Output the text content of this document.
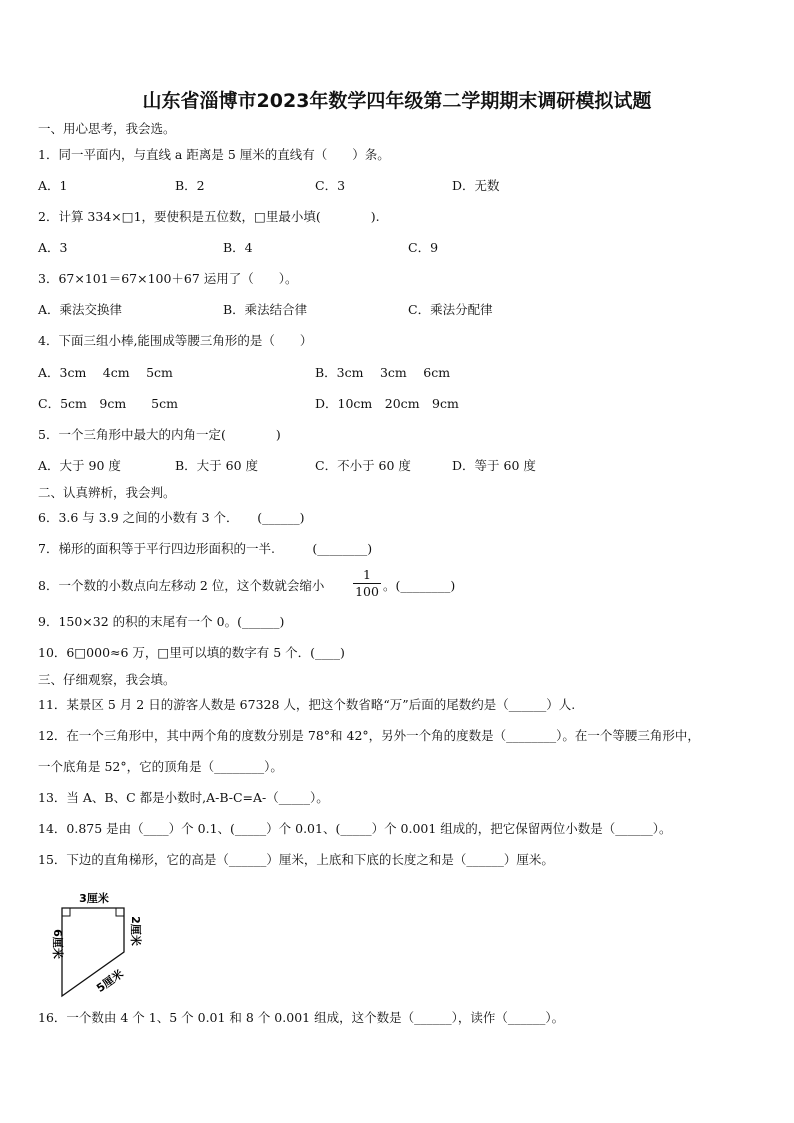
山东省淄博市2023年数学四年级第二学期期末调研模拟试题
一、用心思考，我会选。
1．同一平面内，与直线 a 距离是 5 厘米的直线有（　　）条。
A．1	B．2	C．3	D．无数
2．计算 334×□1，要使积是五位数，□里最小填(　　　　).
A．3	B．4	C．9
3．67×101＝67×100＋67 运用了（　　）。
A．乘法交换律	B．乘法结合律	C．乘法分配律
4．下面三组小棒,能围成等腰三角形的是（　　）
A．3cm　 4cm　 5cm	B．3cm　 3cm　 6cm
C．5cm　9cm　　5cm	D．10cm　20cm　9cm
5．一个三角形中最大的内角一定(　　　　)
A．大于 90 度	B．大于 60 度	C．不小于 60 度	D．等于 60 度
二、认真辨析，我会判。
6．3.6 与 3.9 之间的小数有 3 个．　　(______)
7．梯形的面积等于平行四边形面积的一半.　　　(________)
8．一个数的小数点向左移动 2 位，这个数就会缩小
1
100 。(________)
9．150×32 的积的末尾有一个 0。(______)
10．6□000≈6 万，□里可以填的数字有 5 个．(____)
三、仔细观察，我会填。
11．某景区 5 月 2 日的游客人数是 67328 人，把这个数省略“万”后面的尾数约是（______）人.
12．在一个三角形中，其中两个角的度数分别是 78°和 42°，另外一个角的度数是（________）。在一个等腰三角形中，
一个底角是 52°，它的顶角是（________）。
13．当 A、B、C 都是小数时,A-B-C=A-（_____）。
14．0.875 是由（____）个 0.1、(_____）个 0.01、(_____）个 0.001 组成的，把它保留两位小数是（______）。
15．下边的直角梯形，它的高是（______）厘米，上底和下底的长度之和是（______）厘米。
3厘米
6厘米	2厘米
5厘米
16．一个数由 4 个 1、5 个 0.01 和 8 个 0.001 组成，这个数是（______），读作（______）。
